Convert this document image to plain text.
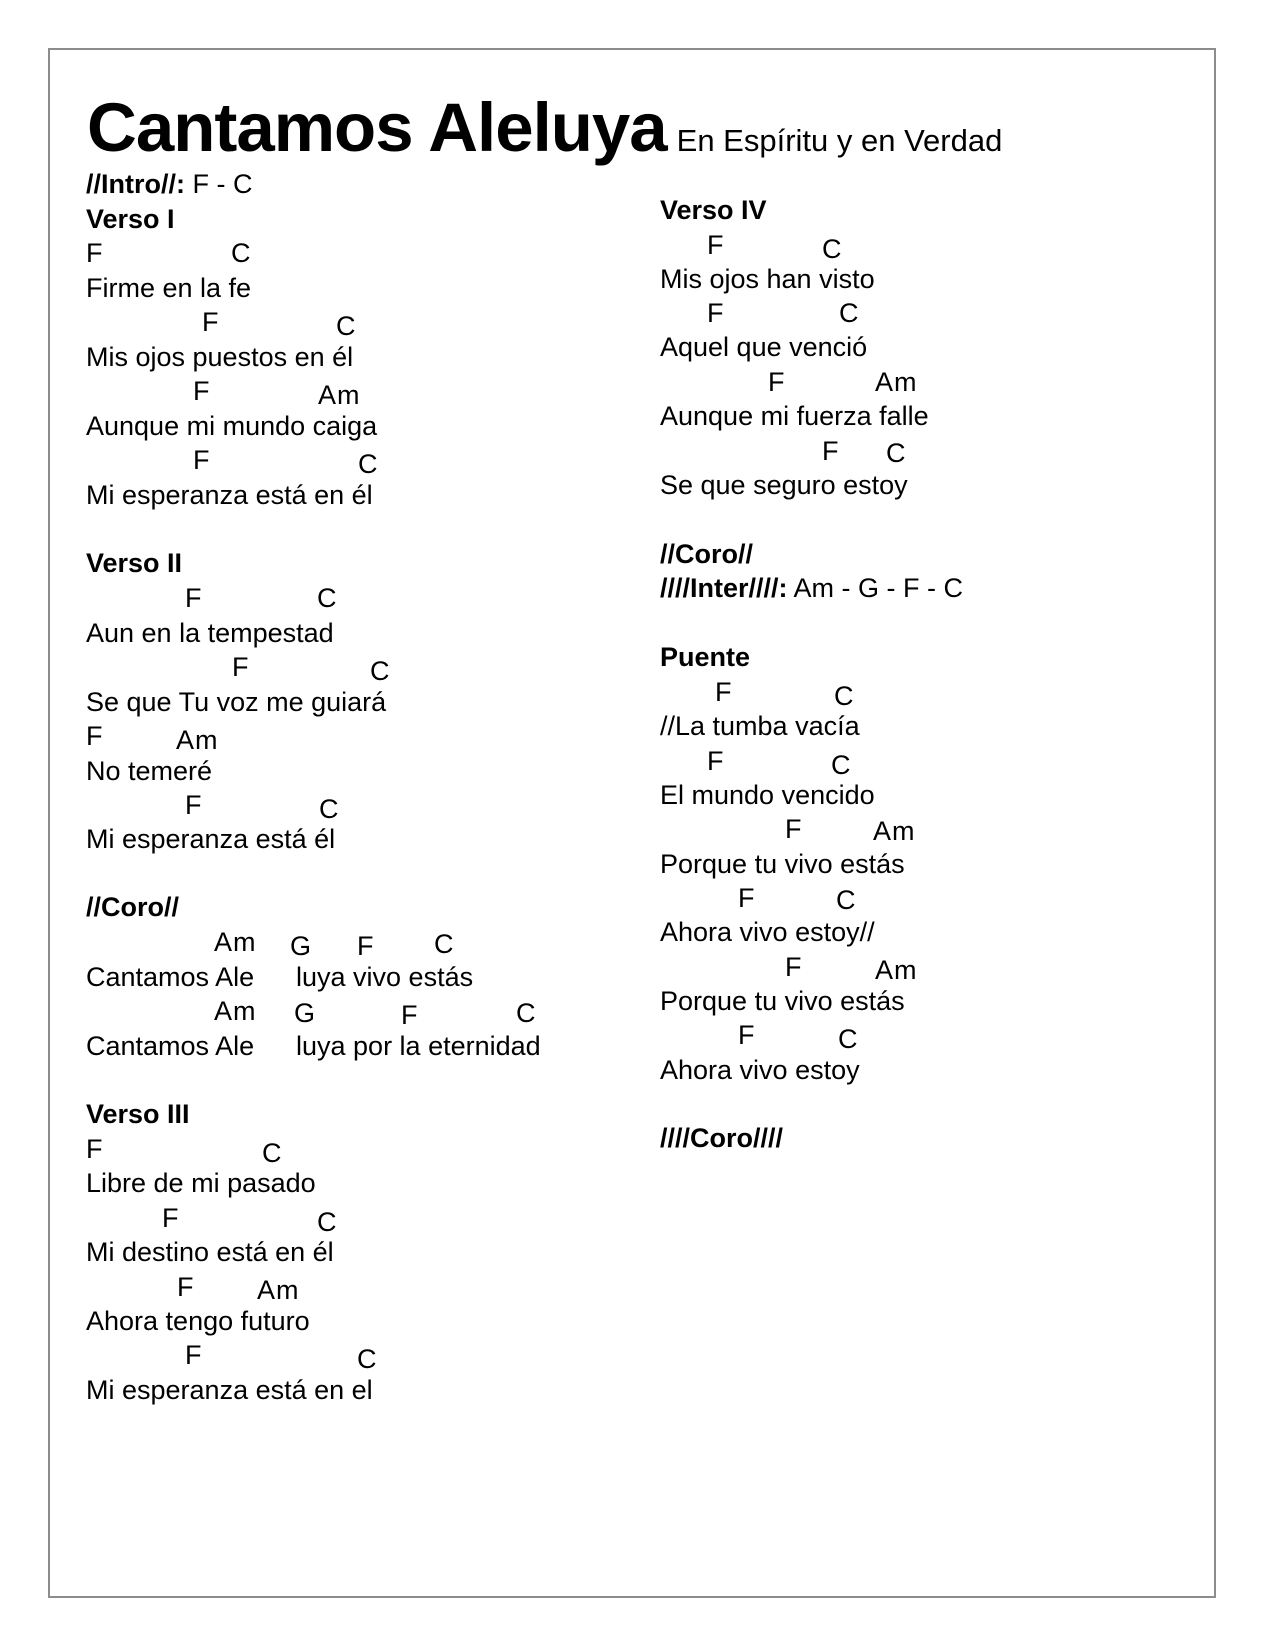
Cantamos Aleluya En Espíritu y en Verdad
//Intro//: F - C
Verso I
F	C
Firme en la fe
F	C
Mis ojos puestos en él
F	Am
Aunque mi mundo caiga
F	C
Mi esperanza está en él
Verso II
F	C
Aun en la tempestad
F	C
Se que Tu voz me guiará
F	Am
No temeré
F	C
Mi esperanza está él
//Coro//
Am G F C
Cantamos Ale luya vivo estás
Am G	F	C
Cantamos Ale luya por la eternidad
Verso III
F	C
Libre de mi pasado
F	C
Mi destino está en él
F Am
Ahora tengo futuro
F	C
Mi esperanza está en el
Verso IV
F	C
Mis ojos han visto
F	C
Aquel que venció
F	Am
Aunque mi fuerza falle
F C
Se que seguro estoy
//Coro//
////Inter////: Am - G - F - C
Puente
F	C
//La tumba vacía
F	C
El mundo vencido
F	Am
Porque tu vivo estás
F	C
Ahora vivo estoy//
F	Am
Porque tu vivo estás
F	C
Ahora vivo estoy
////Coro////
